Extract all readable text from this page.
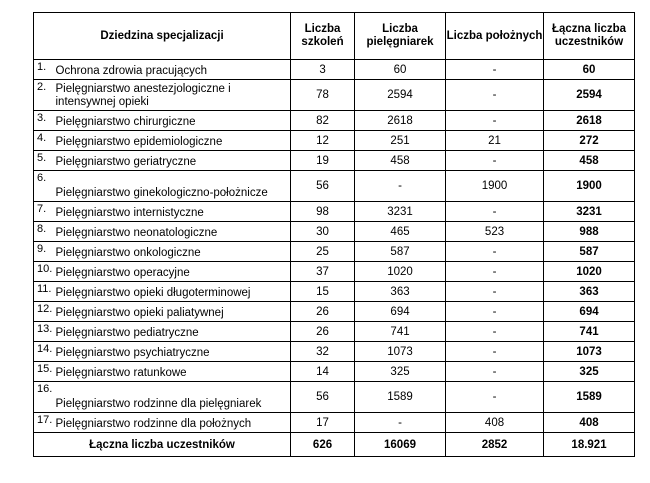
Dziedzina specjalizacji		Liczba szkoleń	Liczba pielęgniarek	Liczba położnych	Łączna liczba uczestników
1.	Ochrona zdrowia pracujących	3	60	-	60
2.	Pielęgniarstwo anestezjologiczne i intensywnej opieki	78	2594	-	2594
3.	Pielęgniarstwo chirurgiczne	82	2618	-	2618
4.	Pielęgniarstwo epidemiologiczne	12	251	21	272
5.	Pielęgniarstwo geriatryczne	19	458	-	458
6.	Pielęgniarstwo ginekologiczno-położnicze	56	-	1900	1900
7.	Pielęgniarstwo internistyczne	98	3231	-	3231
8.	Pielęgniarstwo neonatologiczne	30	465	523	988
9.	Pielęgniarstwo onkologiczne	25	587	-	587
10.	Pielęgniarstwo operacyjne	37	1020	-	1020
11.	Pielęgniarstwo opieki długoterminowej	15	363	-	363
12.	Pielęgniarstwo opieki paliatywnej	26	694	-	694
13.	Pielęgniarstwo pediatryczne	26	741	-	741
14.	Pielęgniarstwo psychiatryczne	32	1073	-	1073
15.	Pielęgniarstwo ratunkowe	14	325	-	325
16.	Pielęgniarstwo rodzinne dla pielęgniarek	56	1589	-	1589
17.	Pielęgniarstwo rodzinne dla położnych	17	-	408	408
Łączna liczba uczestników		626	16069	2852	18.921
